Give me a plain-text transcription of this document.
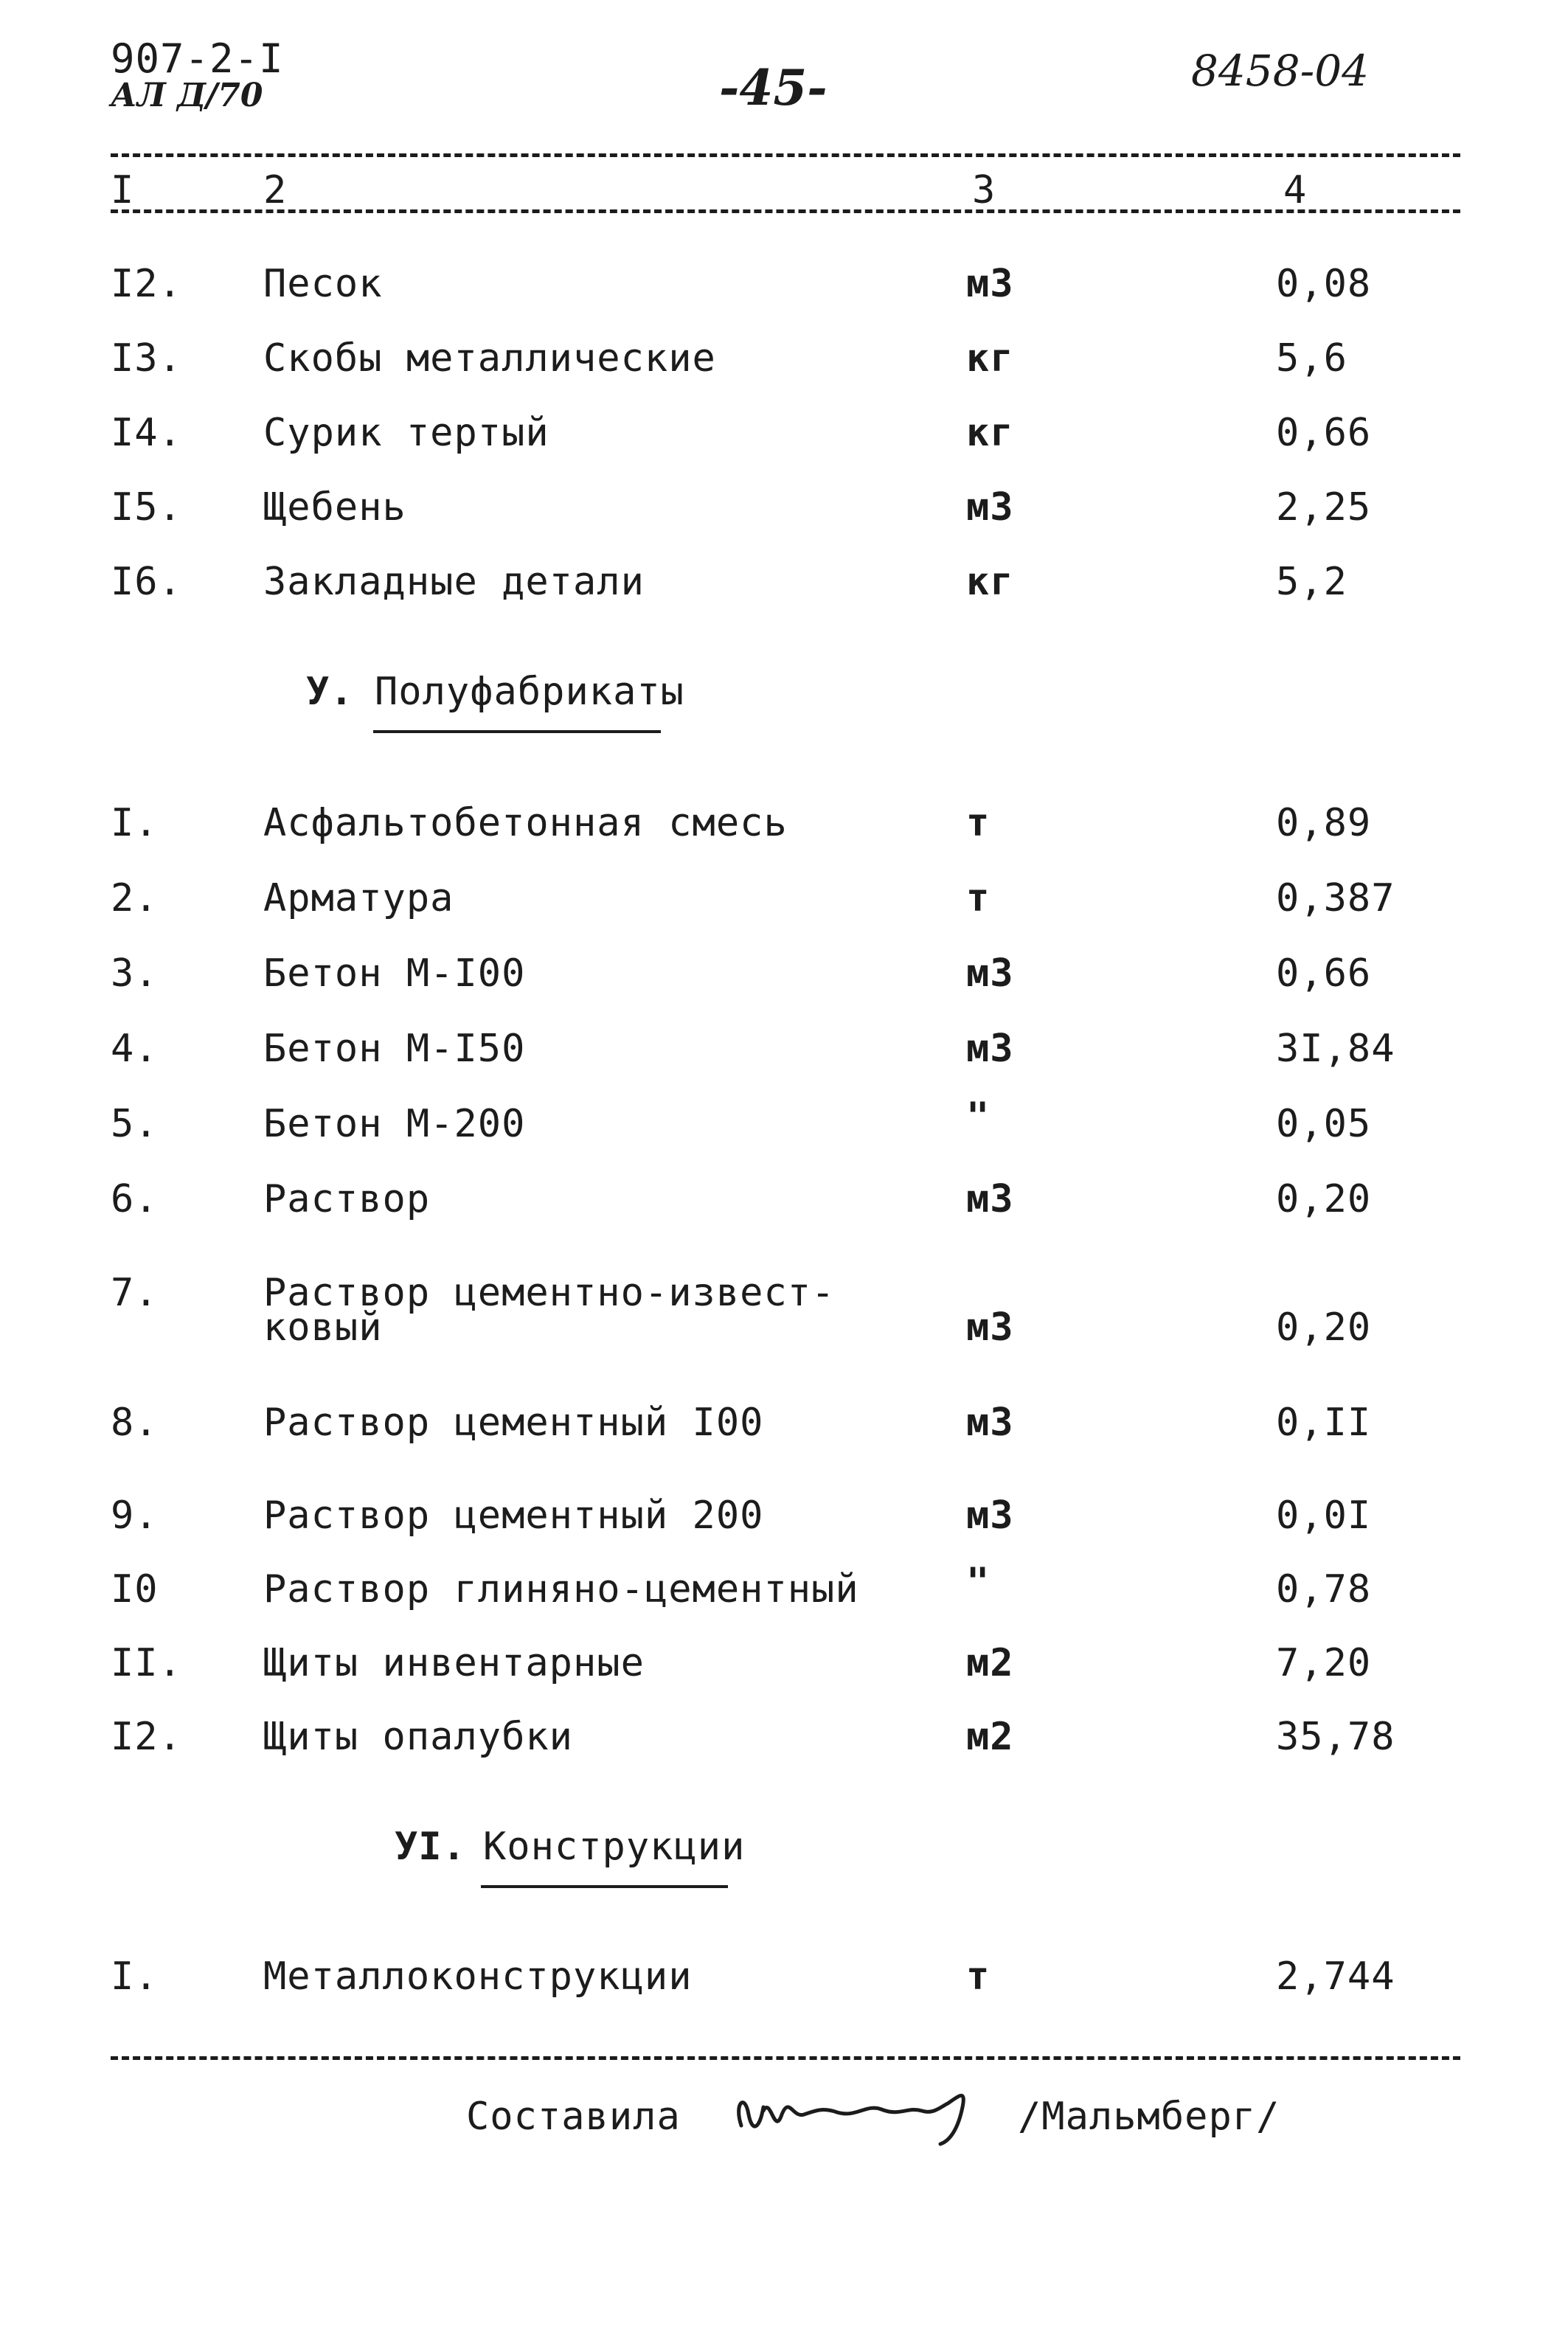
907-2-I
АЛ Д/70	-45-	8458-04
I	2	3	4
I2. Песок	м3	0,08
I3. Скобы металлические	кг	5,6
I4. Сурик тертый	кг	0,66
I5. Щебень	м3	2,25
I6. Закладные детали	кг	5,2
У. Полуфабрикаты
I.	Асфальтобетонная смесь	т	0,89
2.	Арматура	т	0,387
3.	Бетон М-I00	м3	0,66
4.	Бетон М-I50	м3	3I,84
5.	Бетон М-200	"	0,05
6.	Раствор	м3	0,20
7.	Раствор цементно-извест-
ковый	м3	0,20
8.	Раствор цементный I00	м3	0,II
9.	Раствор цементный 200	м3	0,0I
I0	Раствор глиняно-цементный	"	0,78
II. Щиты инвентарные	м2	7,20
I2. Щиты опалубки	м2	35,78
УI. Конструкции
I.	Металлоконструкции	т	2,744
Составила	/Мальмберг/
